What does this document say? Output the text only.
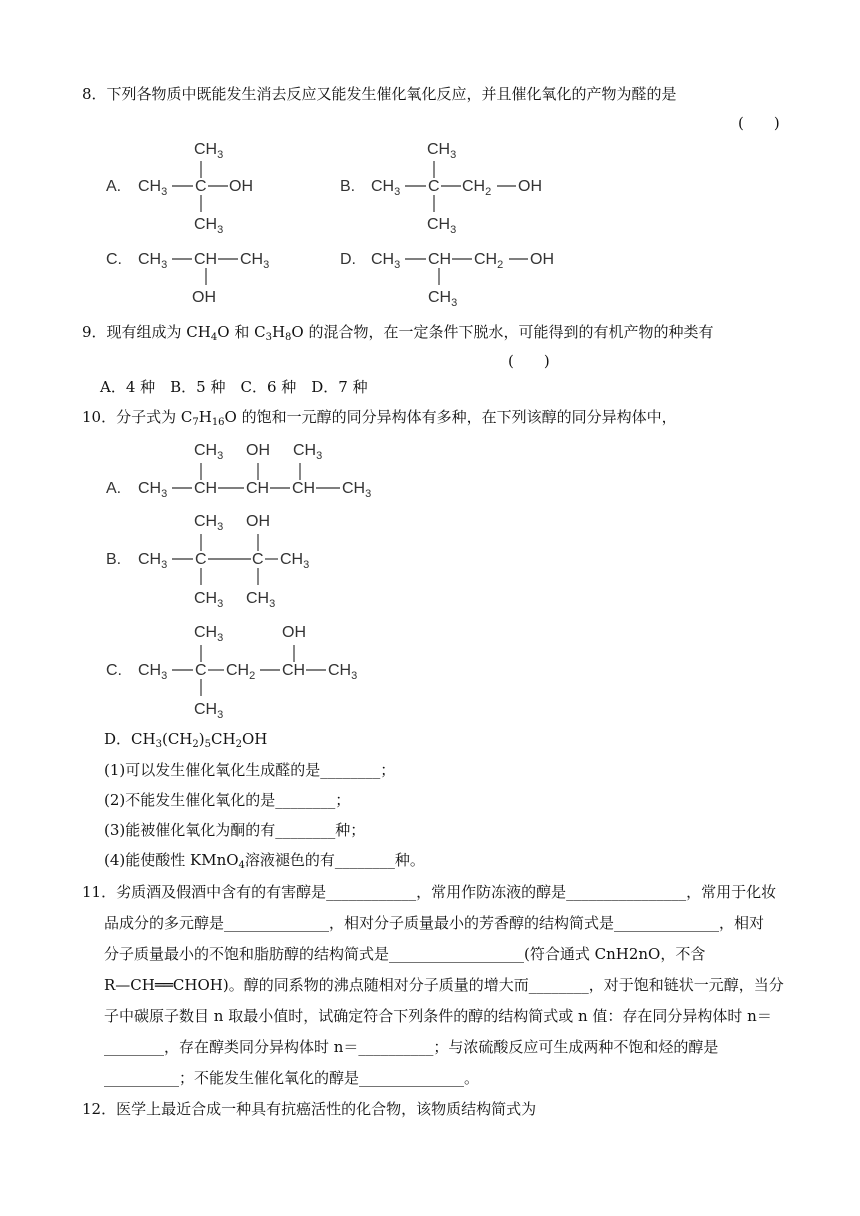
8．下列各物质中既能发生消去反应又能发生催化氧化反应，并且催化氧化的产物为醛的是
(　　)
A.
$CH_3$
$CH_3$ C OH
$CH_3$
B.
$CH_3$
$CH_3$ C $CH_2$ OH
$CH_3$
C. $CH_3$ CH $CH_3$
OH
D. $CH_3$ CH $CH_2$ OH
$CH_3$
9．现有组成为 $CH_4O$ 和 $C_3H_8O$ 的混合物，在一定条件下脱水，可能得到的有机产物的种类有
(　　)
A．4 种　B．5 种　C．6 种　D．7 种
10．分子式为 $C_7H_{16}O$ 的饱和一元醇的同分异构体有多种，在下列该醇的同分异构体中，
A.
$CH_3$ OH $CH_3$
$CH_3$ CH CH CH $CH_3$
B.
$CH_3$ OH
$CH_3$ C	C $CH_3$
$CH_3$ $CH_3$
C.
$CH_3$	OH
$CH_3$ C $CH_2$ CH $CH_3$
$CH_3$
D．$CH_3(CH_2)_5CH_2OH$
(1)可以发生催化氧化生成醛的是________；
(2)不能发生催化氧化的是________；
(3)能被催化氧化为酮的有________种；
(4)能使酸性 KMnO$_4$溶液褪色的有________种。
11．劣质酒及假酒中含有的有害醇是____________，常用作防冻液的醇是________________，常用于化妆
品成分的多元醇是______________，相对分子质量最小的芳香醇的结构简式是______________，相对
分子质量最小的不饱和脂肪醇的结构简式是__________________(符合通式 CnH2nO，不含
R—CH══CHOH)。醇的同系物的沸点随相对分子质量的增大而________，对于饱和链状一元醇，当分
子中碳原子数目 n 取最小值时，试确定符合下列条件的醇的结构简式或 n 值：存在同分异构体时 n＝
________，存在醇类同分异构体时 n＝__________；与浓硫酸反应可生成两种不饱和烃的醇是
__________；不能发生催化氧化的醇是______________。
12．医学上最近合成一种具有抗癌活性的化合物，该物质结构简式为
